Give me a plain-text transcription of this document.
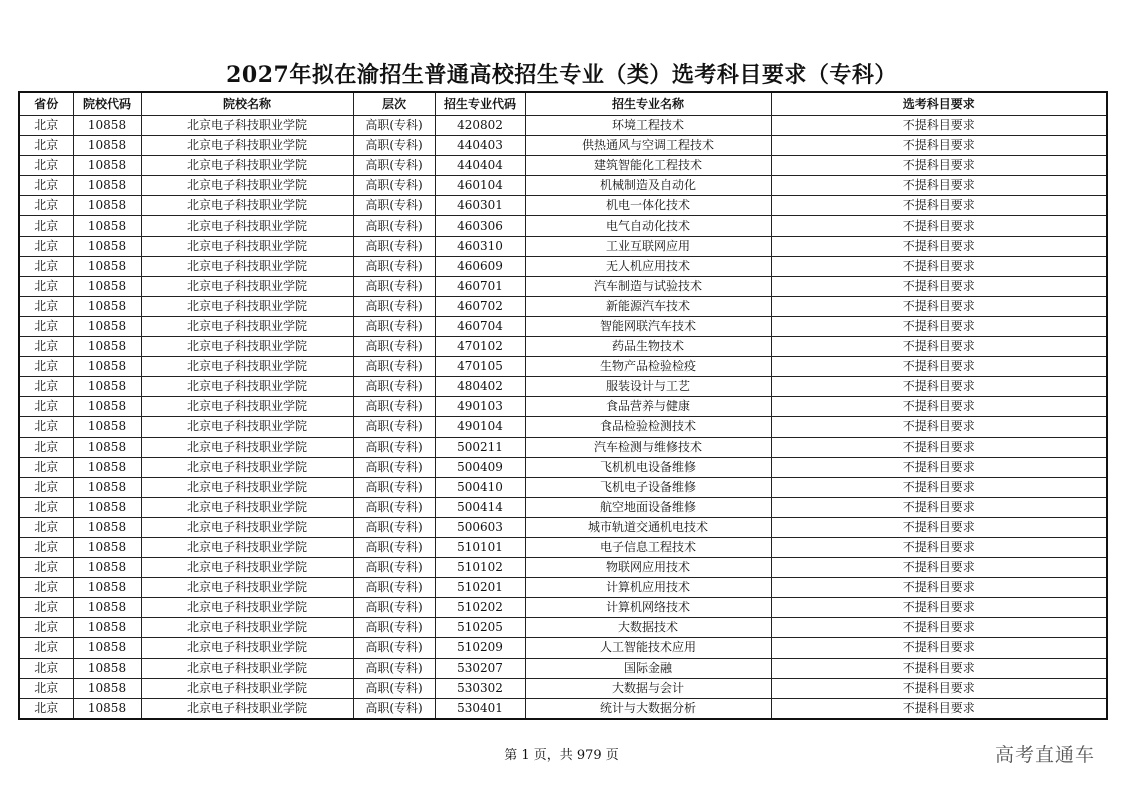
2027年拟在渝招生普通高校招生专业（类）选考科目要求（专科）
省份	院校代码	院校名称	层次	招生专业代码	招生专业名称	选考科目要求
北京	10858	北京电子科技职业学院	高职(专科)	420802	环境工程技术	不提科目要求
北京	10858	北京电子科技职业学院	高职(专科)	440403	供热通风与空调工程技术	不提科目要求
北京	10858	北京电子科技职业学院	高职(专科)	440404	建筑智能化工程技术	不提科目要求
北京	10858	北京电子科技职业学院	高职(专科)	460104	机械制造及自动化	不提科目要求
北京	10858	北京电子科技职业学院	高职(专科)	460301	机电一体化技术	不提科目要求
北京	10858	北京电子科技职业学院	高职(专科)	460306	电气自动化技术	不提科目要求
北京	10858	北京电子科技职业学院	高职(专科)	460310	工业互联网应用	不提科目要求
北京	10858	北京电子科技职业学院	高职(专科)	460609	无人机应用技术	不提科目要求
北京	10858	北京电子科技职业学院	高职(专科)	460701	汽车制造与试验技术	不提科目要求
北京	10858	北京电子科技职业学院	高职(专科)	460702	新能源汽车技术	不提科目要求
北京	10858	北京电子科技职业学院	高职(专科)	460704	智能网联汽车技术	不提科目要求
北京	10858	北京电子科技职业学院	高职(专科)	470102	药品生物技术	不提科目要求
北京	10858	北京电子科技职业学院	高职(专科)	470105	生物产品检验检疫	不提科目要求
北京	10858	北京电子科技职业学院	高职(专科)	480402	服装设计与工艺	不提科目要求
北京	10858	北京电子科技职业学院	高职(专科)	490103	食品营养与健康	不提科目要求
北京	10858	北京电子科技职业学院	高职(专科)	490104	食品检验检测技术	不提科目要求
北京	10858	北京电子科技职业学院	高职(专科)	500211	汽车检测与维修技术	不提科目要求
北京	10858	北京电子科技职业学院	高职(专科)	500409	飞机机电设备维修	不提科目要求
北京	10858	北京电子科技职业学院	高职(专科)	500410	飞机电子设备维修	不提科目要求
北京	10858	北京电子科技职业学院	高职(专科)	500414	航空地面设备维修	不提科目要求
北京	10858	北京电子科技职业学院	高职(专科)	500603	城市轨道交通机电技术	不提科目要求
北京	10858	北京电子科技职业学院	高职(专科)	510101	电子信息工程技术	不提科目要求
北京	10858	北京电子科技职业学院	高职(专科)	510102	物联网应用技术	不提科目要求
北京	10858	北京电子科技职业学院	高职(专科)	510201	计算机应用技术	不提科目要求
北京	10858	北京电子科技职业学院	高职(专科)	510202	计算机网络技术	不提科目要求
北京	10858	北京电子科技职业学院	高职(专科)	510205	大数据技术	不提科目要求
北京	10858	北京电子科技职业学院	高职(专科)	510209	人工智能技术应用	不提科目要求
北京	10858	北京电子科技职业学院	高职(专科)	530207	国际金融	不提科目要求
北京	10858	北京电子科技职业学院	高职(专科)	530302	大数据与会计	不提科目要求
北京	10858	北京电子科技职业学院	高职(专科)	530401	统计与大数据分析	不提科目要求
第 1 页，共 979 页	高考直通车
